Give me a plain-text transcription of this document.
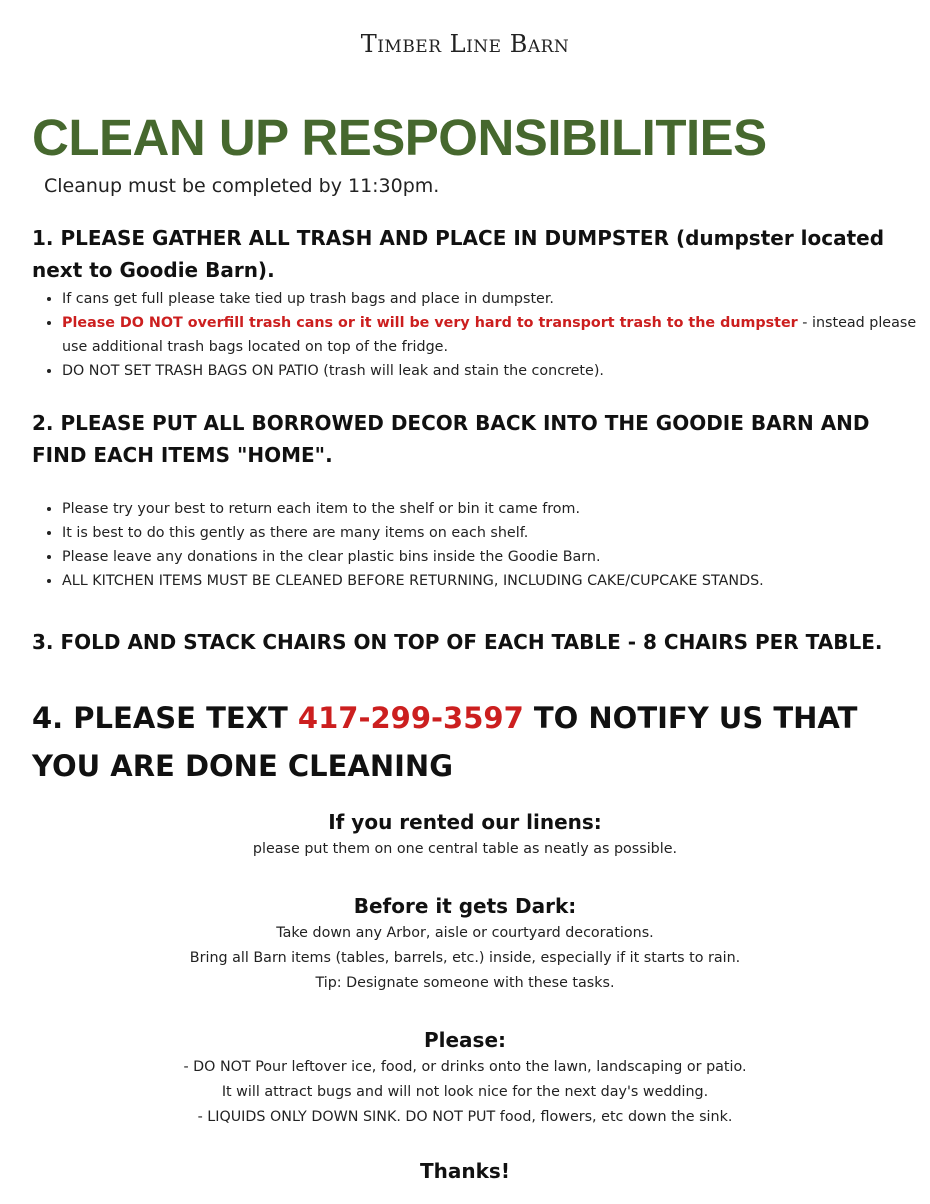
Timber Line Barn
CLEAN UP RESPONSIBILITIES
Cleanup must be completed by 11:30pm.
1. PLEASE GATHER ALL TRASH AND PLACE IN DUMPSTER (dumpster located next to Goodie Barn).
• If cans get full please take tied up trash bags and place in dumpster.
• Please DO NOT overfill trash cans or it will be very hard to transport trash to the dumpster - instead please use additional trash bags located on top of the fridge.
• DO NOT SET TRASH BAGS ON PATIO (trash will leak and stain the concrete).
2. PLEASE PUT ALL BORROWED DECOR BACK INTO THE GOODIE BARN AND FIND EACH ITEMS "HOME".
• Please try your best to return each item to the shelf or bin it came from.
• It is best to do this gently as there are many items on each shelf.
• Please leave any donations in the clear plastic bins inside the Goodie Barn.
• ALL KITCHEN ITEMS MUST BE CLEANED BEFORE RETURNING, INCLUDING CAKE/CUPCAKE STANDS.
3. FOLD AND STACK CHAIRS ON TOP OF EACH TABLE - 8 CHAIRS PER TABLE.
4. PLEASE TEXT 417-299-3597 TO NOTIFY US THAT YOU ARE DONE CLEANING
If you rented our linens:
please put them on one central table as neatly as possible.
Before it gets Dark:
Take down any Arbor, aisle or courtyard decorations.
Bring all Barn items (tables, barrels, etc.) inside, especially if it starts to rain.
Tip: Designate someone with these tasks.
Please:
- DO NOT Pour leftover ice, food, or drinks onto the lawn, landscaping or patio.
It will attract bugs and will not look nice for the next day's wedding.
- LIQUIDS ONLY DOWN SINK. DO NOT PUT food, flowers, etc down the sink.
Thanks!
